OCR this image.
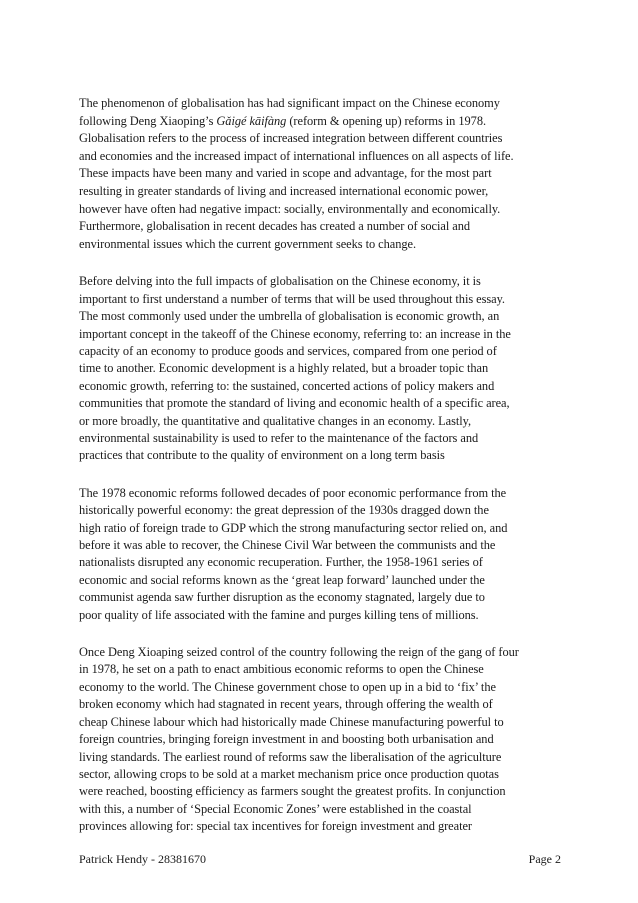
The phenomenon of globalisation has had significant impact on the Chinese economy
following Deng Xiaoping’s Gǎigé kāifàng (reform & opening up) reforms in 1978.
Globalisation refers to the process of increased integration between different countries
and economies and the increased impact of international influences on all aspects of life.
These impacts have been many and varied in scope and advantage, for the most part
resulting in greater standards of living and increased international economic power,
however have often had negative impact: socially, environmentally and economically.
Furthermore, globalisation in recent decades has created a number of social and
environmental issues which the current government seeks to change.

Before delving into the full impacts of globalisation on the Chinese economy, it is
important to first understand a number of terms that will be used throughout this essay.
The most commonly used under the umbrella of globalisation is economic growth, an
important concept in the takeoff of the Chinese economy, referring to: an increase in the
capacity of an economy to produce goods and services, compared from one period of
time to another. Economic development is a highly related, but a broader topic than
economic growth, referring to: the sustained, concerted actions of policy makers and
communities that promote the standard of living and economic health of a specific area,
or more broadly, the quantitative and qualitative changes in an economy. Lastly,
environmental sustainability is used to refer to the maintenance of the factors and
practices that contribute to the quality of environment on a long term basis

The 1978 economic reforms followed decades of poor economic performance from the
historically powerful economy: the great depression of the 1930s dragged down the
high ratio of foreign trade to GDP which the strong manufacturing sector relied on, and
before it was able to recover, the Chinese Civil War between the communists and the
nationalists disrupted any economic recuperation. Further, the 1958-1961 series of
economic and social reforms known as the ‘great leap forward’ launched under the
communist agenda saw further disruption as the economy stagnated, largely due to
poor quality of life associated with the famine and purges killing tens of millions.

Once Deng Xioaping seized control of the country following the reign of the gang of four
in 1978, he set on a path to enact ambitious economic reforms to open the Chinese
economy to the world. The Chinese government chose to open up in a bid to ‘fix’ the
broken economy which had stagnated in recent years, through offering the wealth of
cheap Chinese labour which had historically made Chinese manufacturing powerful to
foreign countries, bringing foreign investment in and boosting both urbanisation and
living standards. The earliest round of reforms saw the liberalisation of the agriculture
sector, allowing crops to be sold at a market mechanism price once production quotas
were reached, boosting efficiency as farmers sought the greatest profits. In conjunction
with this, a number of ‘Special Economic Zones’ were established in the coastal
provinces allowing for: special tax incentives for foreign investment and greater

Patrick Hendy - 28381670	Page 2
